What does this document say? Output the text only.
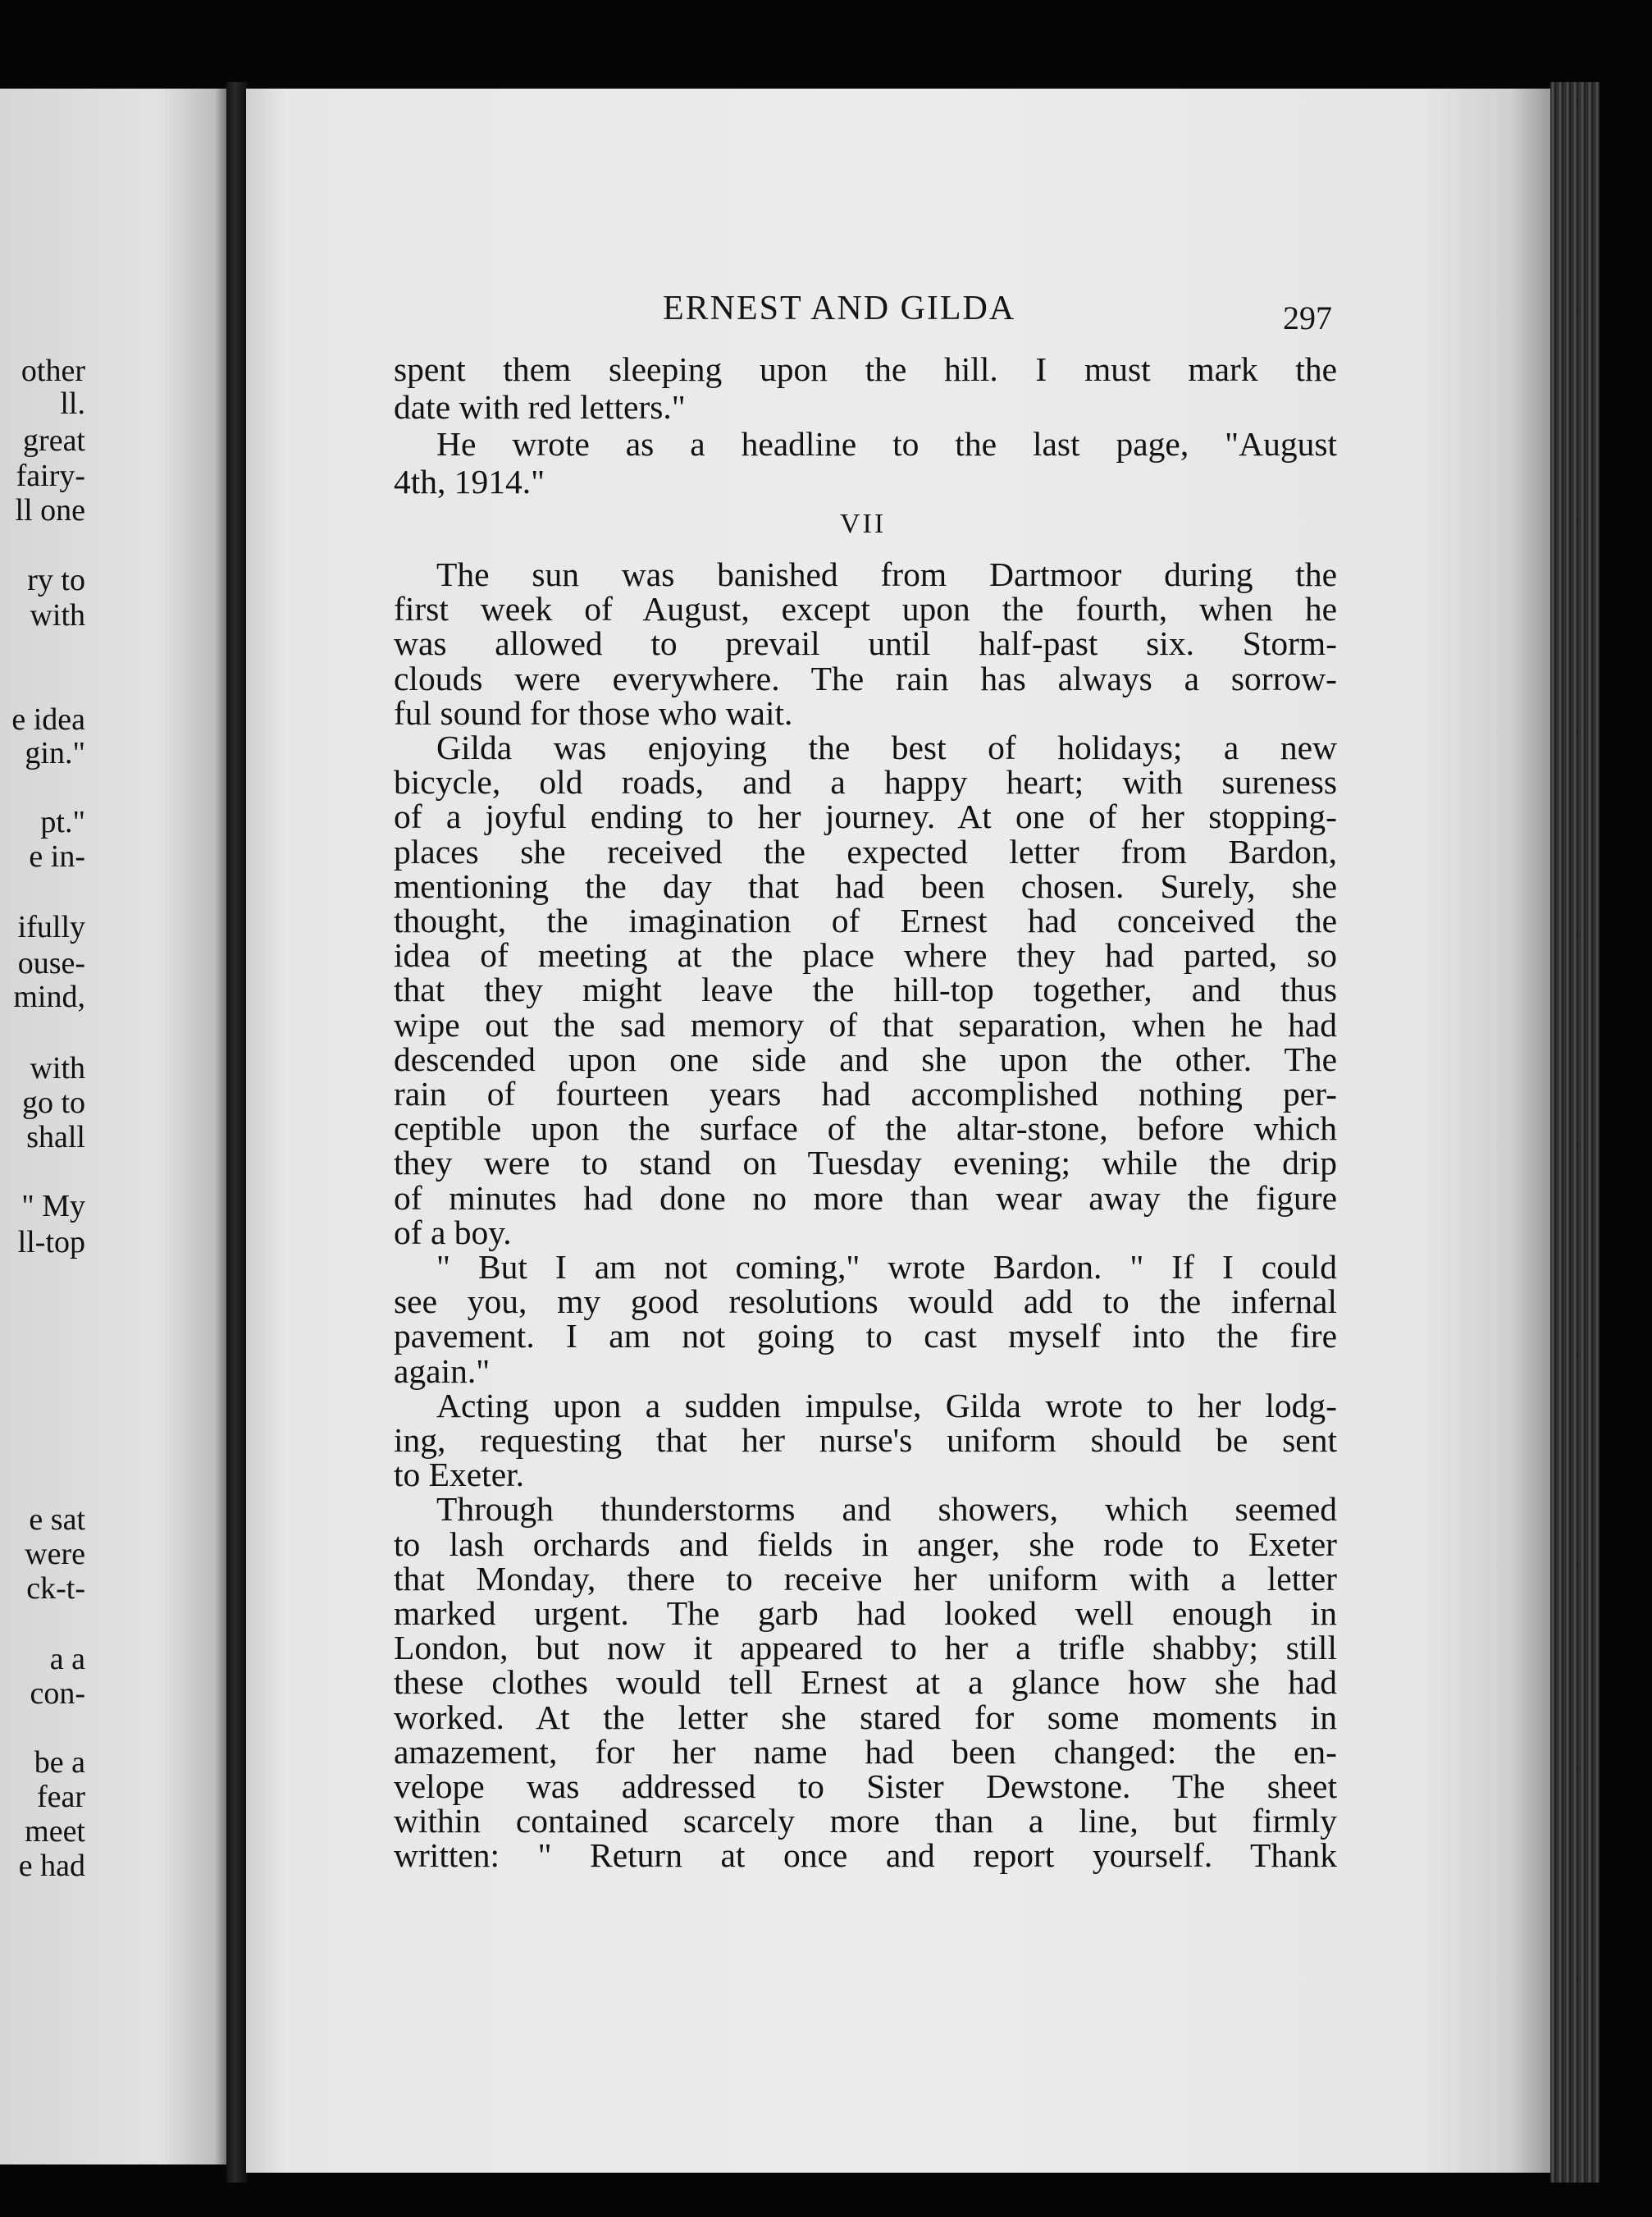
other
ll.
great
fairy-
ll one
ry to
with
e idea
gin."
pt."
e in-
ifully
ouse-
mind,
with
go to
shall
" My
ll-top
e sat
were
ck-t-
a a
con-
be a
fear
meet
e had
ERNEST AND GILDA	297
spent them sleeping upon the hill. I must mark the
date with red letters."
He wrote as a headline to the last page, "August
4th, 1914."
VII
The sun was banished from Dartmoor during the
first week of August, except upon the fourth, when he
was allowed to prevail until half-past six. Storm-
clouds were everywhere. The rain has always a sorrow-
ful sound for those who wait.
Gilda was enjoying the best of holidays; a new
bicycle, old roads, and a happy heart; with sureness
of a joyful ending to her journey. At one of her stopping-
places she received the expected letter from Bardon,
mentioning the day that had been chosen. Surely, she
thought, the imagination of Ernest had conceived the
idea of meeting at the place where they had parted, so
that they might leave the hill-top together, and thus
wipe out the sad memory of that separation, when he had
descended upon one side and she upon the other. The
rain of fourteen years had accomplished nothing per-
ceptible upon the surface of the altar-stone, before which
they were to stand on Tuesday evening; while the drip
of minutes had done no more than wear away the figure
of a boy.
" But I am not coming," wrote Bardon. " If I could
see you, my good resolutions would add to the infernal
pavement. I am not going to cast myself into the fire
again."
Acting upon a sudden impulse, Gilda wrote to her lodg-
ing, requesting that her nurse's uniform should be sent
to Exeter.
Through thunderstorms and showers, which seemed
to lash orchards and fields in anger, she rode to Exeter
that Monday, there to receive her uniform with a letter
marked urgent. The garb had looked well enough in
London, but now it appeared to her a trifle shabby; still
these clothes would tell Ernest at a glance how she had
worked. At the letter she stared for some moments in
amazement, for her name had been changed: the en-
velope was addressed to Sister Dewstone. The sheet
within contained scarcely more than a line, but firmly
written: " Return at once and report yourself. Thank
